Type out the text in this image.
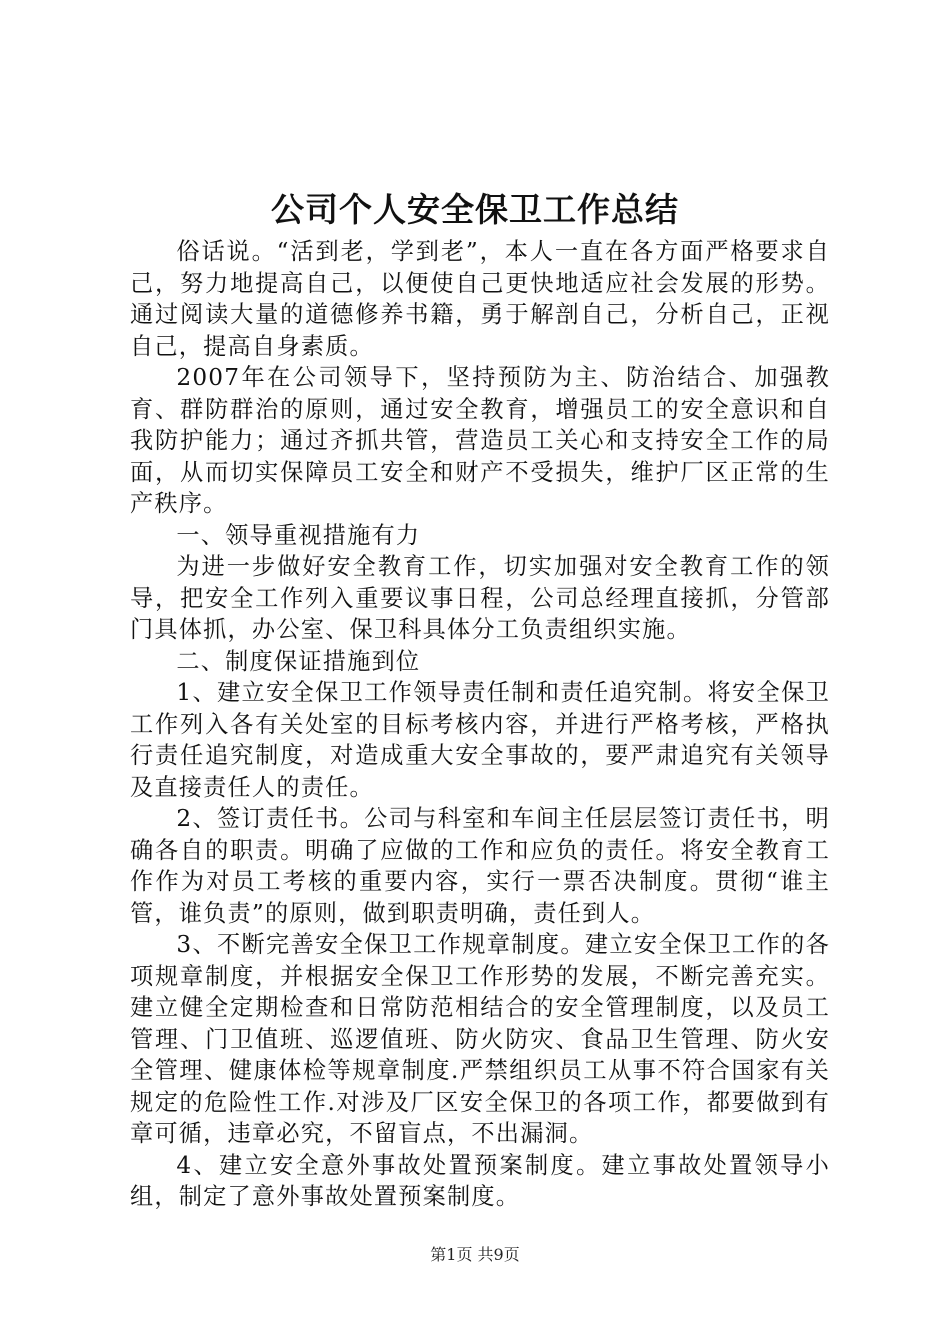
公司个人安全保卫工作总结

俗话说。“活到老，学到老”，本人一直在各方面严格要求自己，努力地提高自己，以便使自己更快地适应社会发展的形势。通过阅读大量的道德修养书籍，勇于解剖自己，分析自己，正视自己，提高自身素质。

2007年在公司领导下，坚持预防为主、防治结合、加强教育、群防群治的原则，通过安全教育，增强员工的安全意识和自我防护能力；通过齐抓共管，营造员工关心和支持安全工作的局面，从而切实保障员工安全和财产不受损失，维护厂区正常的生产秩序。

一、领导重视措施有力

为进一步做好安全教育工作，切实加强对安全教育工作的领导，把安全工作列入重要议事日程，公司总经理直接抓，分管部门具体抓，办公室、保卫科具体分工负责组织实施。

二、制度保证措施到位

1、建立安全保卫工作领导责任制和责任追究制。将安全保卫工作列入各有关处室的目标考核内容，并进行严格考核，严格执行责任追究制度，对造成重大安全事故的，要严肃追究有关领导及直接责任人的责任。

2、签订责任书。公司与科室和车间主任层层签订责任书，明确各自的职责。明确了应做的工作和应负的责任。将安全教育工作作为对员工考核的重要内容，实行一票否决制度。贯彻“谁主管，谁负责”的原则，做到职责明确，责任到人。

3、不断完善安全保卫工作规章制度。建立安全保卫工作的各项规章制度，并根据安全保卫工作形势的发展，不断完善充实。建立健全定期检查和日常防范相结合的安全管理制度，以及员工管理、门卫值班、巡逻值班、防火防灾、食品卫生管理、防火安全管理、健康体检等规章制度.严禁组织员工从事不符合国家有关规定的危险性工作.对涉及厂区安全保卫的各项工作，都要做到有章可循，违章必究，不留盲点，不出漏洞。

4、建立安全意外事故处置预案制度。建立事故处置领导小组，制定了意外事故处置预案制度。

第1页 共9页
